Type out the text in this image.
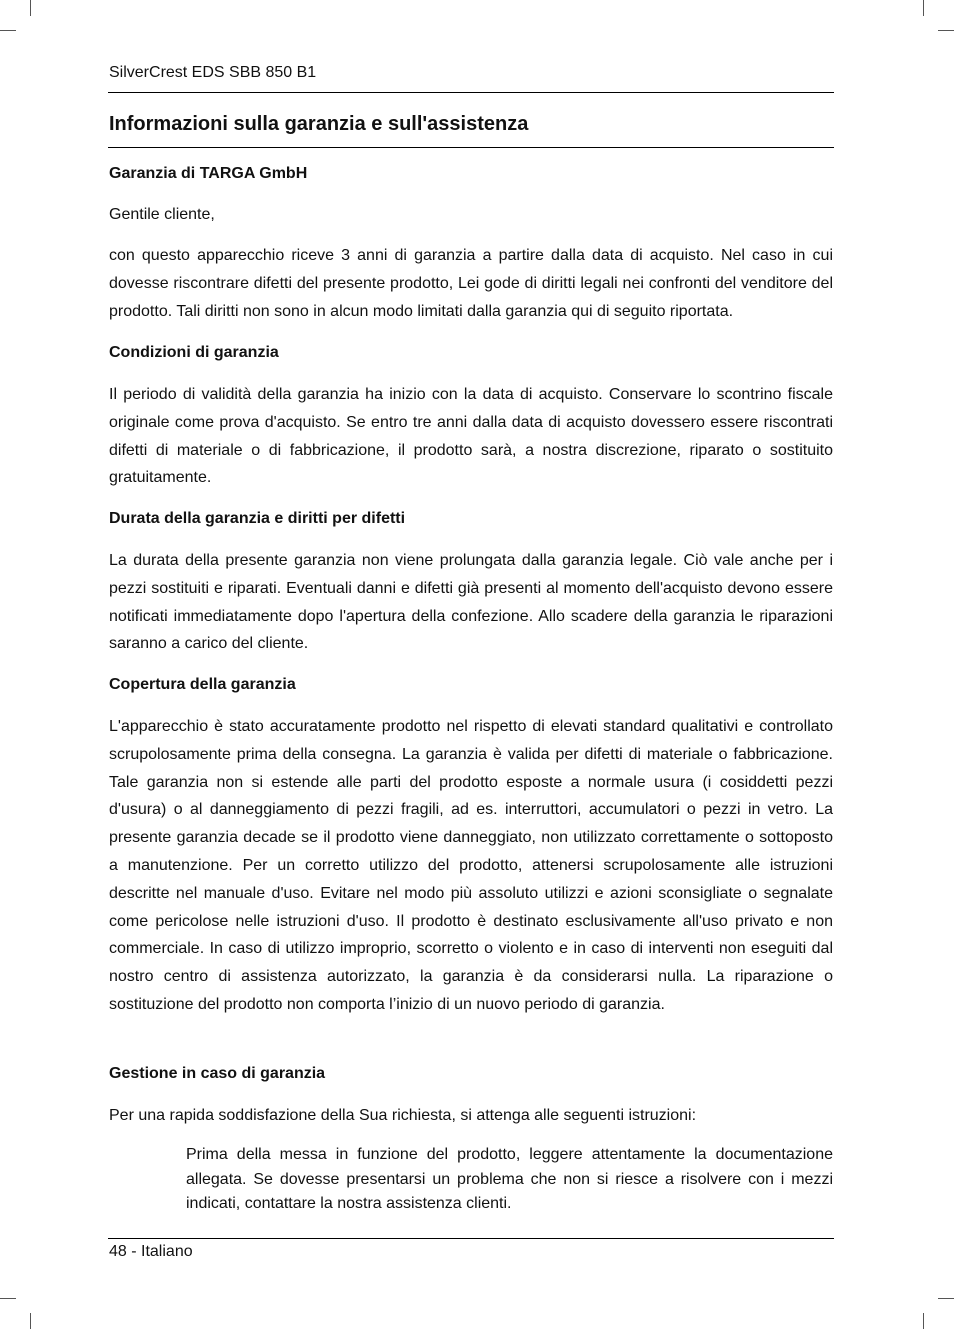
SilverCrest EDS SBB 850 B1
Informazioni sulla garanzia e sull'assistenza
Garanzia di TARGA GmbH

Gentile cliente,

con questo apparecchio riceve 3 anni di garanzia a partire dalla data di acquisto. Nel caso in cui dovesse riscontrare difetti del presente prodotto, Lei gode di diritti legali nei confronti del venditore del prodotto. Tali diritti non sono in alcun modo limitati dalla garanzia qui di seguito riportata.

Condizioni di garanzia

Il periodo di validità della garanzia ha inizio con la data di acquisto. Conservare lo scontrino fiscale originale come prova d'acquisto. Se entro tre anni dalla data di acquisto dovessero essere riscontrati difetti di materiale o di fabbricazione, il prodotto sarà, a nostra discrezione, riparato o sostituito gratuitamente.

Durata della garanzia e diritti per difetti

La durata della presente garanzia non viene prolungata dalla garanzia legale. Ciò vale anche per i pezzi sostituiti e riparati. Eventuali danni e difetti già presenti al momento dell'acquisto devono essere notificati immediatamente dopo l'apertura della confezione. Allo scadere della garanzia le riparazioni saranno a carico del cliente.

Copertura della garanzia

L'apparecchio è stato accuratamente prodotto nel rispetto di elevati standard qualitativi e controllato scrupolosamente prima della consegna. La garanzia è valida per difetti di materiale o fabbricazione. Tale garanzia non si estende alle parti del prodotto esposte a normale usura (i cosiddetti pezzi d'usura) o al danneggiamento di pezzi fragili, ad es. interruttori, accumulatori o pezzi in vetro. La presente garanzia decade se il prodotto viene danneggiato, non utilizzato correttamente o sottoposto a manutenzione. Per un corretto utilizzo del prodotto, attenersi scrupolosamente alle istruzioni descritte nel manuale d'uso. Evitare nel modo più assoluto utilizzi e azioni sconsigliate o segnalate come pericolose nelle istruzioni d'uso. Il prodotto è destinato esclusivamente all'uso privato e non commerciale. In caso di utilizzo improprio, scorretto o violento e in caso di interventi non eseguiti dal nostro centro di assistenza autorizzato, la garanzia è da considerarsi nulla. La riparazione o sostituzione del prodotto non comporta l’inizio di un nuovo periodo di garanzia.

Gestione in caso di garanzia

Per una rapida soddisfazione della Sua richiesta, si attenga alle seguenti istruzioni:

Prima della messa in funzione del prodotto, leggere attentamente la documentazione allegata. Se dovesse presentarsi un problema che non si riesce a risolvere con i mezzi indicati, contattare la nostra assistenza clienti.

48 - Italiano
